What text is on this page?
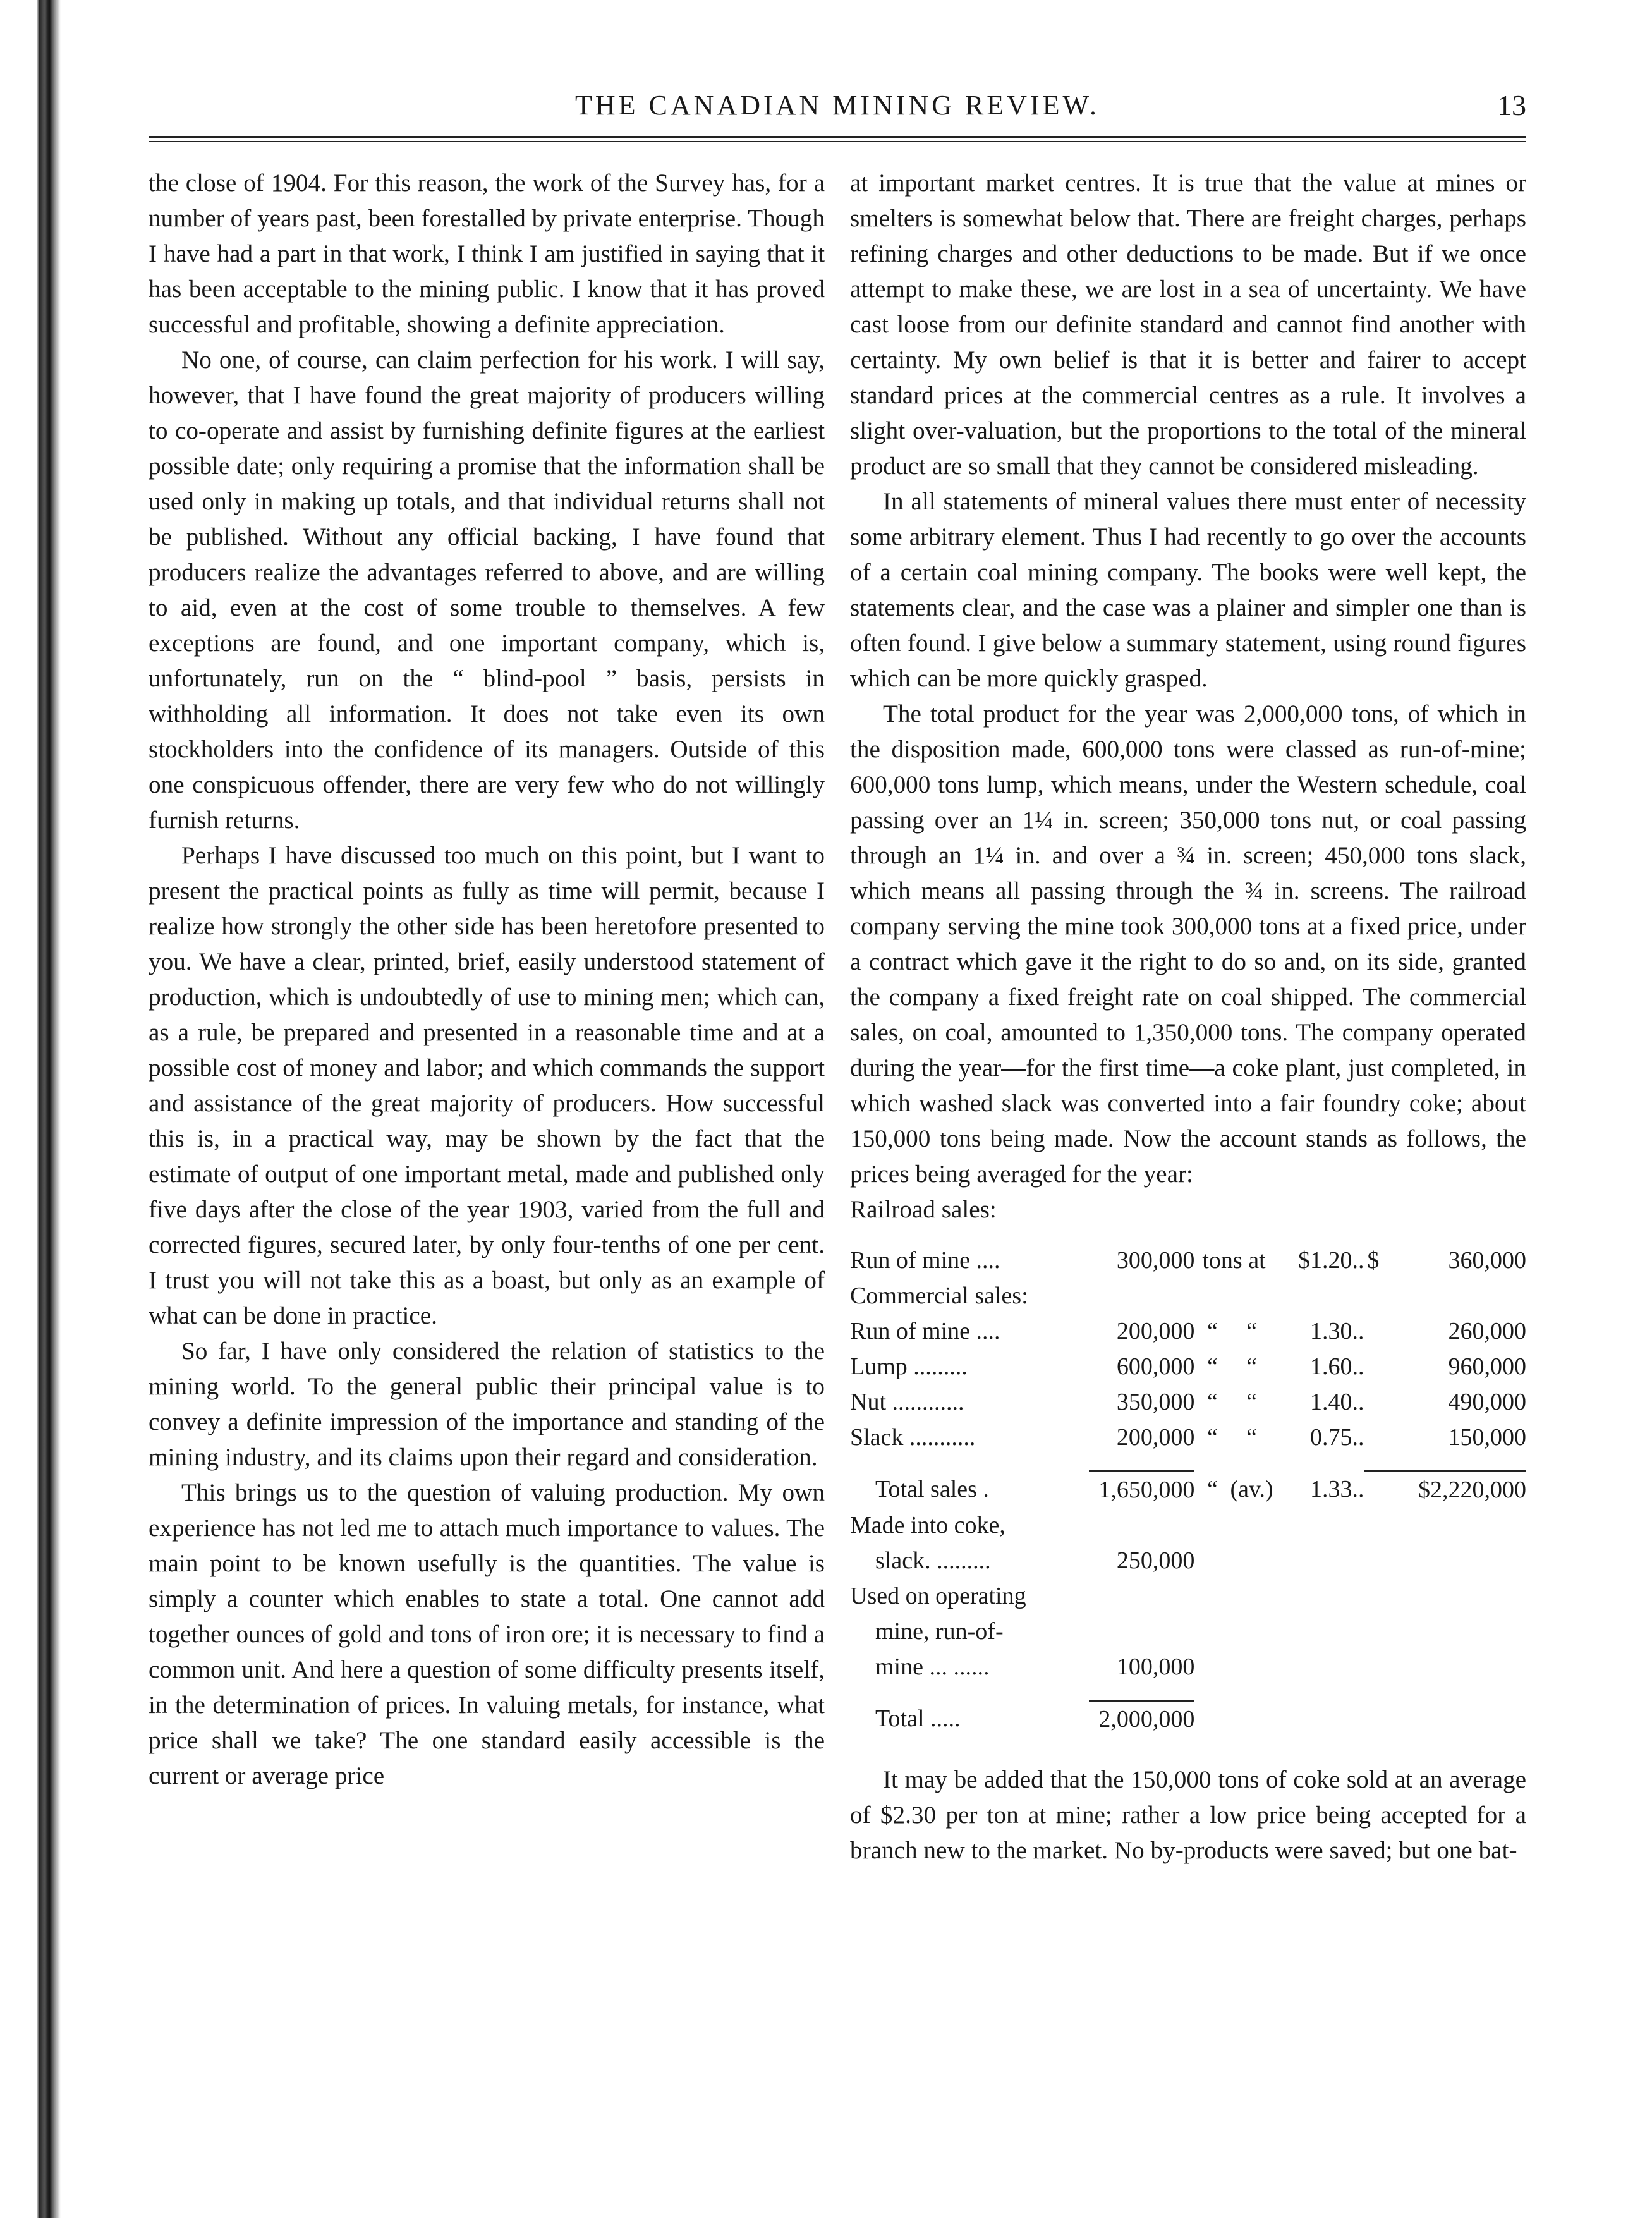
THE CANADIAN MINING REVIEW.	13

the close of 1904. For this reason, the work of the Survey has, for a number of years past, been forestalled by private enterprise. Though I have had a part in that work, I think I am justified in saying that it has been acceptable to the mining public. I know that it has proved successful and profitable, showing a definite appreciation.

No one, of course, can claim perfection for his work. I will say, however, that I have found the great majority of producers willing to co-operate and assist by furnishing definite figures at the earliest possible date; only requiring a promise that the information shall be used only in making up totals, and that individual returns shall not be published. Without any official backing, I have found that producers realize the advantages referred to above, and are willing to aid, even at the cost of some trouble to themselves. A few exceptions are found, and one important company, which is, unfortunately, run on the “ blind-pool ” basis, persists in withholding all information. It does not take even its own stockholders into the confidence of its managers. Outside of this one conspicuous offender, there are very few who do not willingly furnish returns.

Perhaps I have discussed too much on this point, but I want to present the practical points as fully as time will permit, because I realize how strongly the other side has been heretofore presented to you. We have a clear, printed, brief, easily understood statement of production, which is undoubtedly of use to mining men; which can, as a rule, be prepared and presented in a reasonable time and at a possible cost of money and labor; and which commands the support and assistance of the great majority of producers. How successful this is, in a practical way, may be shown by the fact that the estimate of output of one important metal, made and published only five days after the close of the year 1903, varied from the full and corrected figures, secured later, by only four-tenths of one per cent. I trust you will not take this as a boast, but only as an example of what can be done in practice.

So far, I have only considered the relation of statistics to the mining world. To the general public their principal value is to convey a definite impression of the importance and standing of the mining industry, and its claims upon their regard and consideration.

This brings us to the question of valuing production. My own experience has not led me to attach much importance to values. The main point to be known usefully is the quantities. The value is simply a counter which enables to state a total. One cannot add together ounces of gold and tons of iron ore; it is necessary to find a common unit. And here a question of some difficulty presents itself, in the determination of prices. In valuing metals, for instance, what price shall we take? The one standard easily accessible is the current or average price

at important market centres. It is true that the value at mines or smelters is somewhat below that. There are freight charges, perhaps refining charges and other deductions to be made. But if we once attempt to make these, we are lost in a sea of uncertainty. We have cast loose from our definite standard and cannot find another with certainty. My own belief is that it is better and fairer to accept standard prices at the commercial centres as a rule. It involves a slight over-valuation, but the proportions to the total of the mineral product are so small that they cannot be considered misleading.

In all statements of mineral values there must enter of necessity some arbitrary element. Thus I had recently to go over the accounts of a certain coal mining company. The books were well kept, the statements clear, and the case was a plainer and simpler one than is often found. I give below a summary statement, using round figures which can be more quickly grasped.

The total product for the year was 2,000,000 tons, of which in the disposition made, 600,000 tons were classed as run-of-mine; 600,000 tons lump, which means, under the Western schedule, coal passing over an 1¼ in. screen; 350,000 tons nut, or coal passing through an 1¼ in. and over a ¾ in. screen; 450,000 tons slack, which means all passing through the ¾ in. screens. The railroad company serving the mine took 300,000 tons at a fixed price, under a contract which gave it the right to do so and, on its side, granted the company a fixed freight rate on coal shipped. The commercial sales, on coal, amounted to 1,350,000 tons. The company operated during the year—for the first time—a coke plant, just completed, in which washed slack was converted into a fair foundry coke; about 150,000 tons being made. Now the account stands as follows, the prices being averaged for the year:

Railroad sales:

Run of mine ....	300,000	tons at		$1.20..	$	360,000
Commercial sales:						
Run of mine ....	200,000	“	“	1.30..		260,000
Lump .........	600,000	“	“	1.60..		960,000
Nut ............	350,000	“	“	1.40..		490,000
Slack ...........	200,000	“	“	0.75..		150,000

Total sales .	1,650,000	“	(av.)	1.33..	$2,220,000	
Made into coke,						
slack. .........	250,000					
Used on operating						
mine, run-of-						
mine ... ......	100,000					

Total .....	2,000,000					

It may be added that the 150,000 tons of coke sold at an average of $2.30 per ton at mine; rather a low price being accepted for a branch new to the market. No by-products were saved; but one bat-
